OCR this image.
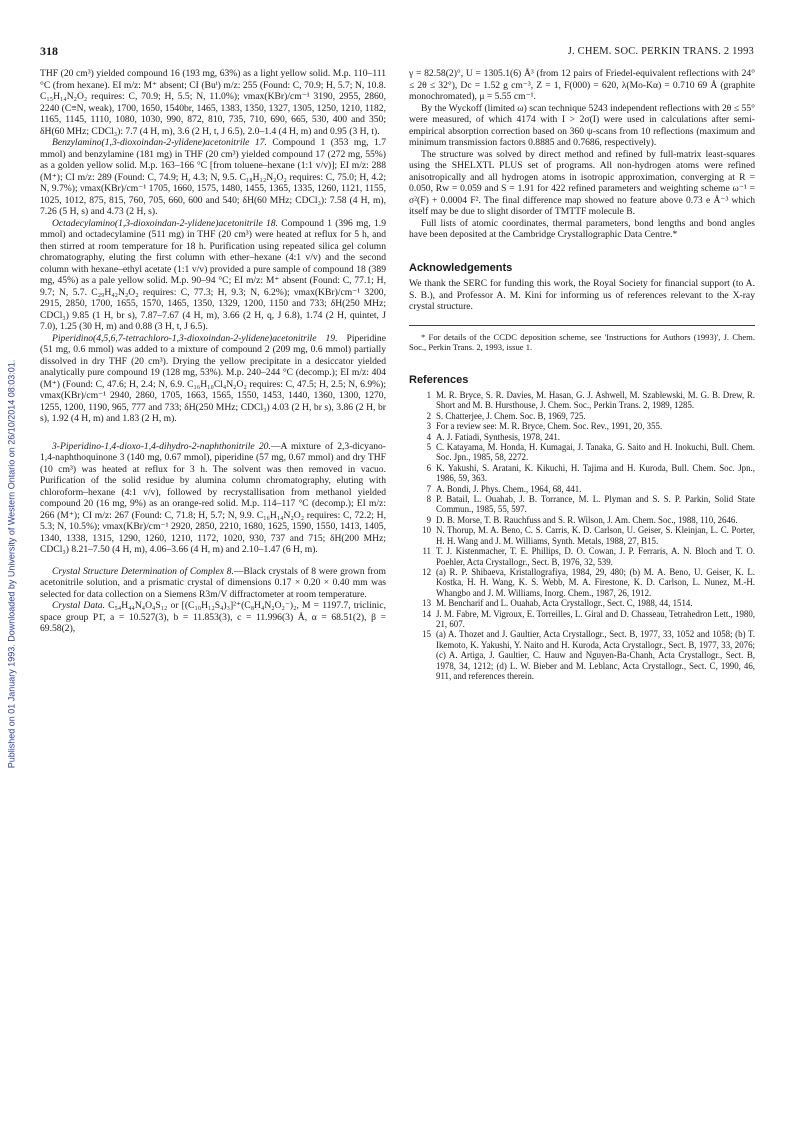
Published on 01 January 1993. Downloaded by University of Western Ontario on 26/10/2014 08:03:01.
318	J. CHEM. SOC. PERKIN TRANS. 2 1993

THF (20 cm³) yielded compound 16 (193 mg, 63%) as a light yellow solid. M.p. 110–111 °C (from hexane). EI m/z: M⁺ absent; CI (Buⁱ) m/z: 255 (Found: C, 70.9; H, 5.7; N, 10.8. C₁₅H₁₄N₂O₂ requires: C, 70.9; H, 5.5; N, 11.0%); νmax(KBr)/cm⁻¹ 3190, 2955, 2860, 2240 (C≡N, weak), 1700, 1650, 1540br, 1465, 1383, 1350, 1327, 1305, 1250, 1210, 1182, 1165, 1145, 1110, 1080, 1030, 990, 872, 810, 735, 710, 690, 665, 530, 400 and 350; δH(60 MHz; CDCl₃): 7.7 (4 H, m), 3.6 (2 H, t, J 6.5), 2.0–1.4 (4 H, m) and 0.95 (3 H, t).

Benzylamino(1,3-dioxoindan-2-ylidene)acetonitrile 17. Compound 1 (353 mg, 1.7 mmol) and benzylamine (181 mg) in THF (20 cm³) yielded compound 17 (272 mg, 55%) as a golden yellow solid. M.p. 163–166 °C [from toluene–hexane (1:1 v/v)]; EI m/z: 288 (M⁺); CI m/z: 289 (Found: C, 74.9; H, 4.3; N, 9.5. C₁₈H₁₂N₂O₂ requires: C, 75.0; H, 4.2; N, 9.7%); νmax(KBr)/cm⁻¹ 1705, 1660, 1575, 1480, 1455, 1365, 1335, 1260, 1121, 1155, 1025, 1012, 875, 815, 760, 705, 660, 600 and 540; δH(60 MHz; CDCl₃): 7.58 (4 H, m), 7.26 (5 H, s) and 4.73 (2 H, s).

Octadecylamino(1,3-dioxoindan-2-ylidene)acetonitrile 18. Compound 1 (396 mg, 1.9 mmol) and octadecylamine (511 mg) in THF (20 cm³) were heated at reflux for 5 h, and then stirred at room temperature for 18 h. Purification using repeated silica gel column chromatography, eluting the first column with ether–hexane (4:1 v/v) and the second column with hexane–ethyl acetate (1:1 v/v) provided a pure sample of compound 18 (389 mg, 45%) as a pale yellow solid. M.p. 90–94 °C; EI m/z: M⁺ absent (Found: C, 77.1; H, 9.7; N, 5.7. C₂₉H₄₂N₂O₂ requires: C, 77.3; H, 9.3; N, 6.2%); νmax(KBr)/cm⁻¹ 3200, 2915, 2850, 1700, 1655, 1570, 1465, 1350, 1329, 1200, 1150 and 733; δH(250 MHz; CDCl₃) 9.85 (1 H, br s), 7.87–7.67 (4 H, m), 3.66 (2 H, q, J 6.8), 1.74 (2 H, quintet, J 7.0), 1.25 (30 H, m) and 0.88 (3 H, t, J 6.5).

Piperidino(4,5,6,7-tetrachloro-1,3-dioxoindan-2-ylidene)acetonitrile 19. Piperidine (51 mg, 0.6 mmol) was added to a mixture of compound 2 (209 mg, 0.6 mmol) partially dissolved in dry THF (20 cm³). Drying the yellow precipitate in a desiccator yielded analytically pure compound 19 (128 mg, 53%). M.p. 240–244 °C (decomp.); EI m/z: 404 (M⁺) (Found: C, 47.6; H, 2.4; N, 6.9. C₁₆H₁₀Cl₄N₂O₂ requires: C, 47.5; H, 2.5; N, 6.9%); νmax(KBr)/cm⁻¹ 2940, 2860, 1705, 1663, 1565, 1550, 1453, 1440, 1360, 1300, 1270, 1255, 1200, 1190, 965, 777 and 733; δH(250 MHz; CDCl₃) 4.03 (2 H, br s), 3.86 (2 H, br s), 1.92 (4 H, m) and 1.83 (2 H, m).

3-Piperidino-1,4-dioxo-1,4-dihydro-2-naphthonitrile 20.—A mixture of 2,3-dicyano-1,4-naphthoquinone 3 (140 mg, 0.67 mmol), piperidine (57 mg, 0.67 mmol) and dry THF (10 cm³) was heated at reflux for 3 h. The solvent was then removed in vacuo. Purification of the solid residue by alumina column chromatography, eluting with chloroform–hexane (4:1 v/v), followed by recrystallisation from methanol yielded compound 20 (16 mg, 9%) as an orange-red solid. M.p. 114–117 °C (decomp.); EI m/z: 266 (M⁺); CI m/z: 267 (Found: C, 71.8; H, 5.7; N, 9.9. C₁₆H₁₄N₂O₂ requires: C, 72.2; H, 5.3; N, 10.5%); νmax(KBr)/cm⁻¹ 2920, 2850, 2210, 1680, 1625, 1590, 1550, 1413, 1405, 1340, 1338, 1315, 1290, 1260, 1210, 1172, 1020, 930, 737 and 715; δH(200 MHz; CDCl₃) 8.21–7.50 (4 H, m), 4.06–3.66 (4 H, m) and 2.10–1.47 (6 H, m).

Crystal Structure Determination of Complex 8.—Black crystals of 8 were grown from acetonitrile solution, and a prismatic crystal of dimensions 0.17 × 0.20 × 0.40 mm was selected for data collection on a Siemens R3m/V diffractometer at room temperature.

Crystal Data. C₅₄H₄₄N₄O₄S₁₂ or [(C₁₀H₁₂S₄)₃]²⁺(C₈H₄N₂O₂⁻)₂, M = 1197.7, triclinic, space group P1̄, a = 10.527(3), b = 11.853(3), c = 11.996(3) Å, α = 68.51(2), β = 69.58(2),

γ = 82.58(2)°, U = 1305.1(6) Å³ (from 12 pairs of Friedel-equivalent reflections with 24° ≤ 2θ ≤ 32°), Dc = 1.52 g cm⁻³, Z = 1, F(000) = 620, λ(Mo-Kα) = 0.710 69 Å (graphite monochromated), μ = 5.55 cm⁻¹.

By the Wyckoff (limited ω) scan technique 5243 independent reflections with 2θ ≤ 55° were measured, of which 4174 with I > 2σ(I) were used in calculations after semi-empirical absorption correction based on 360 ψ-scans from 10 reflections (maximum and minimum transmission factors 0.8885 and 0.7686, respectively).

The structure was solved by direct method and refined by full-matrix least-squares using the SHELXTL PLUS set of programs. All non-hydrogen atoms were refined anisotropically and all hydrogen atoms in isotropic approximation, converging at R = 0.050, Rw = 0.059 and S = 1.91 for 422 refined parameters and weighting scheme ω⁻¹ = σ²(F) + 0.0004 F². The final difference map showed no feature above 0.73 e Å⁻³ which itself may be due to slight disorder of TMTTF molecule B.

Full lists of atomic coordinates, thermal parameters, bond lengths and bond angles have been deposited at the Cambridge Crystallographic Data Centre.*

Acknowledgements

We thank the SERC for funding this work, the Royal Society for financial support (to A. S. B.), and Professor A. M. Kini for informing us of references relevant to the X-ray crystal structure.

* For details of the CCDC deposition scheme, see 'Instructions for Authors (1993)', J. Chem. Soc., Perkin Trans. 2, 1993, issue 1.

References
1 M. R. Bryce, S. R. Davies, M. Hasan, G. J. Ashwell, M. Szablewski, M. G. B. Drew, R. Short and M. B. Hursthouse, J. Chem. Soc., Perkin Trans. 2, 1989, 1285.
2 S. Chatterjee, J. Chem. Soc. B, 1969, 725.
3 For a review see: M. R. Bryce, Chem. Soc. Rev., 1991, 20, 355.
4 A. J. Fatiadi, Synthesis, 1978, 241.
5 C. Katayama, M. Honda, H. Kumagai, J. Tanaka, G. Saito and H. Inokuchi, Bull. Chem. Soc. Jpn., 1985, 58, 2272.
6 K. Yakushi, S. Aratani, K. Kikuchi, H. Tajima and H. Kuroda, Bull. Chem. Soc. Jpn., 1986, 59, 363.
7 A. Bondi, J. Phys. Chem., 1964, 68, 441.
8 P. Batail, L. Ouahab, J. B. Torrance, M. L. Plyman and S. S. P. Parkin, Solid State Commun., 1985, 55, 597.
9 D. B. Morse, T. B. Rauchfuss and S. R. Wilson, J. Am. Chem. Soc., 1988, 110, 2646.
10 N. Thorup, M. A. Beno, C. S. Carris, K. D. Carlson, U. Geiser, S. Kleinjan, L. C. Porter, H. H. Wang and J. M. Williams, Synth. Metals, 1988, 27, B15.
11 T. J. Kistenmacher, T. E. Phillips, D. O. Cowan, J. P. Ferraris, A. N. Bloch and T. O. Poehler, Acta Crystallogr., Sect. B, 1976, 32, 539.
12 (a) R. P. Shibaeva, Kristallografiya, 1984, 29, 480; (b) M. A. Beno, U. Geiser, K. L. Kostka, H. H. Wang, K. S. Webb, M. A. Firestone, K. D. Carlson, L. Nunez, M.-H. Whangbo and J. M. Williams, Inorg. Chem., 1987, 26, 1912.
13 M. Bencharif and L. Ouahab, Acta Crystallogr., Sect. C, 1988, 44, 1514.
14 J. M. Fabre, M. Vigroux, E. Torreilles, L. Giral and D. Chasseau, Tetrahedron Lett., 1980, 21, 607.
15 (a) A. Thozet and J. Gaultier, Acta Crystallogr., Sect. B, 1977, 33, 1052 and 1058; (b) T. Ikemoto, K. Yakushi, Y. Naito and H. Kuroda, Acta Crystallogr., Sect. B, 1977, 33, 2076; (c) A. Artiga, J. Gaultier, C. Hauw and Nguyen-Ba-Chanh, Acta Crystallogr., Sect. B, 1978, 34, 1212; (d) L. W. Bieber and M. Leblanc, Acta Crystallogr., Sect. C, 1990, 46, 911, and references therein.
